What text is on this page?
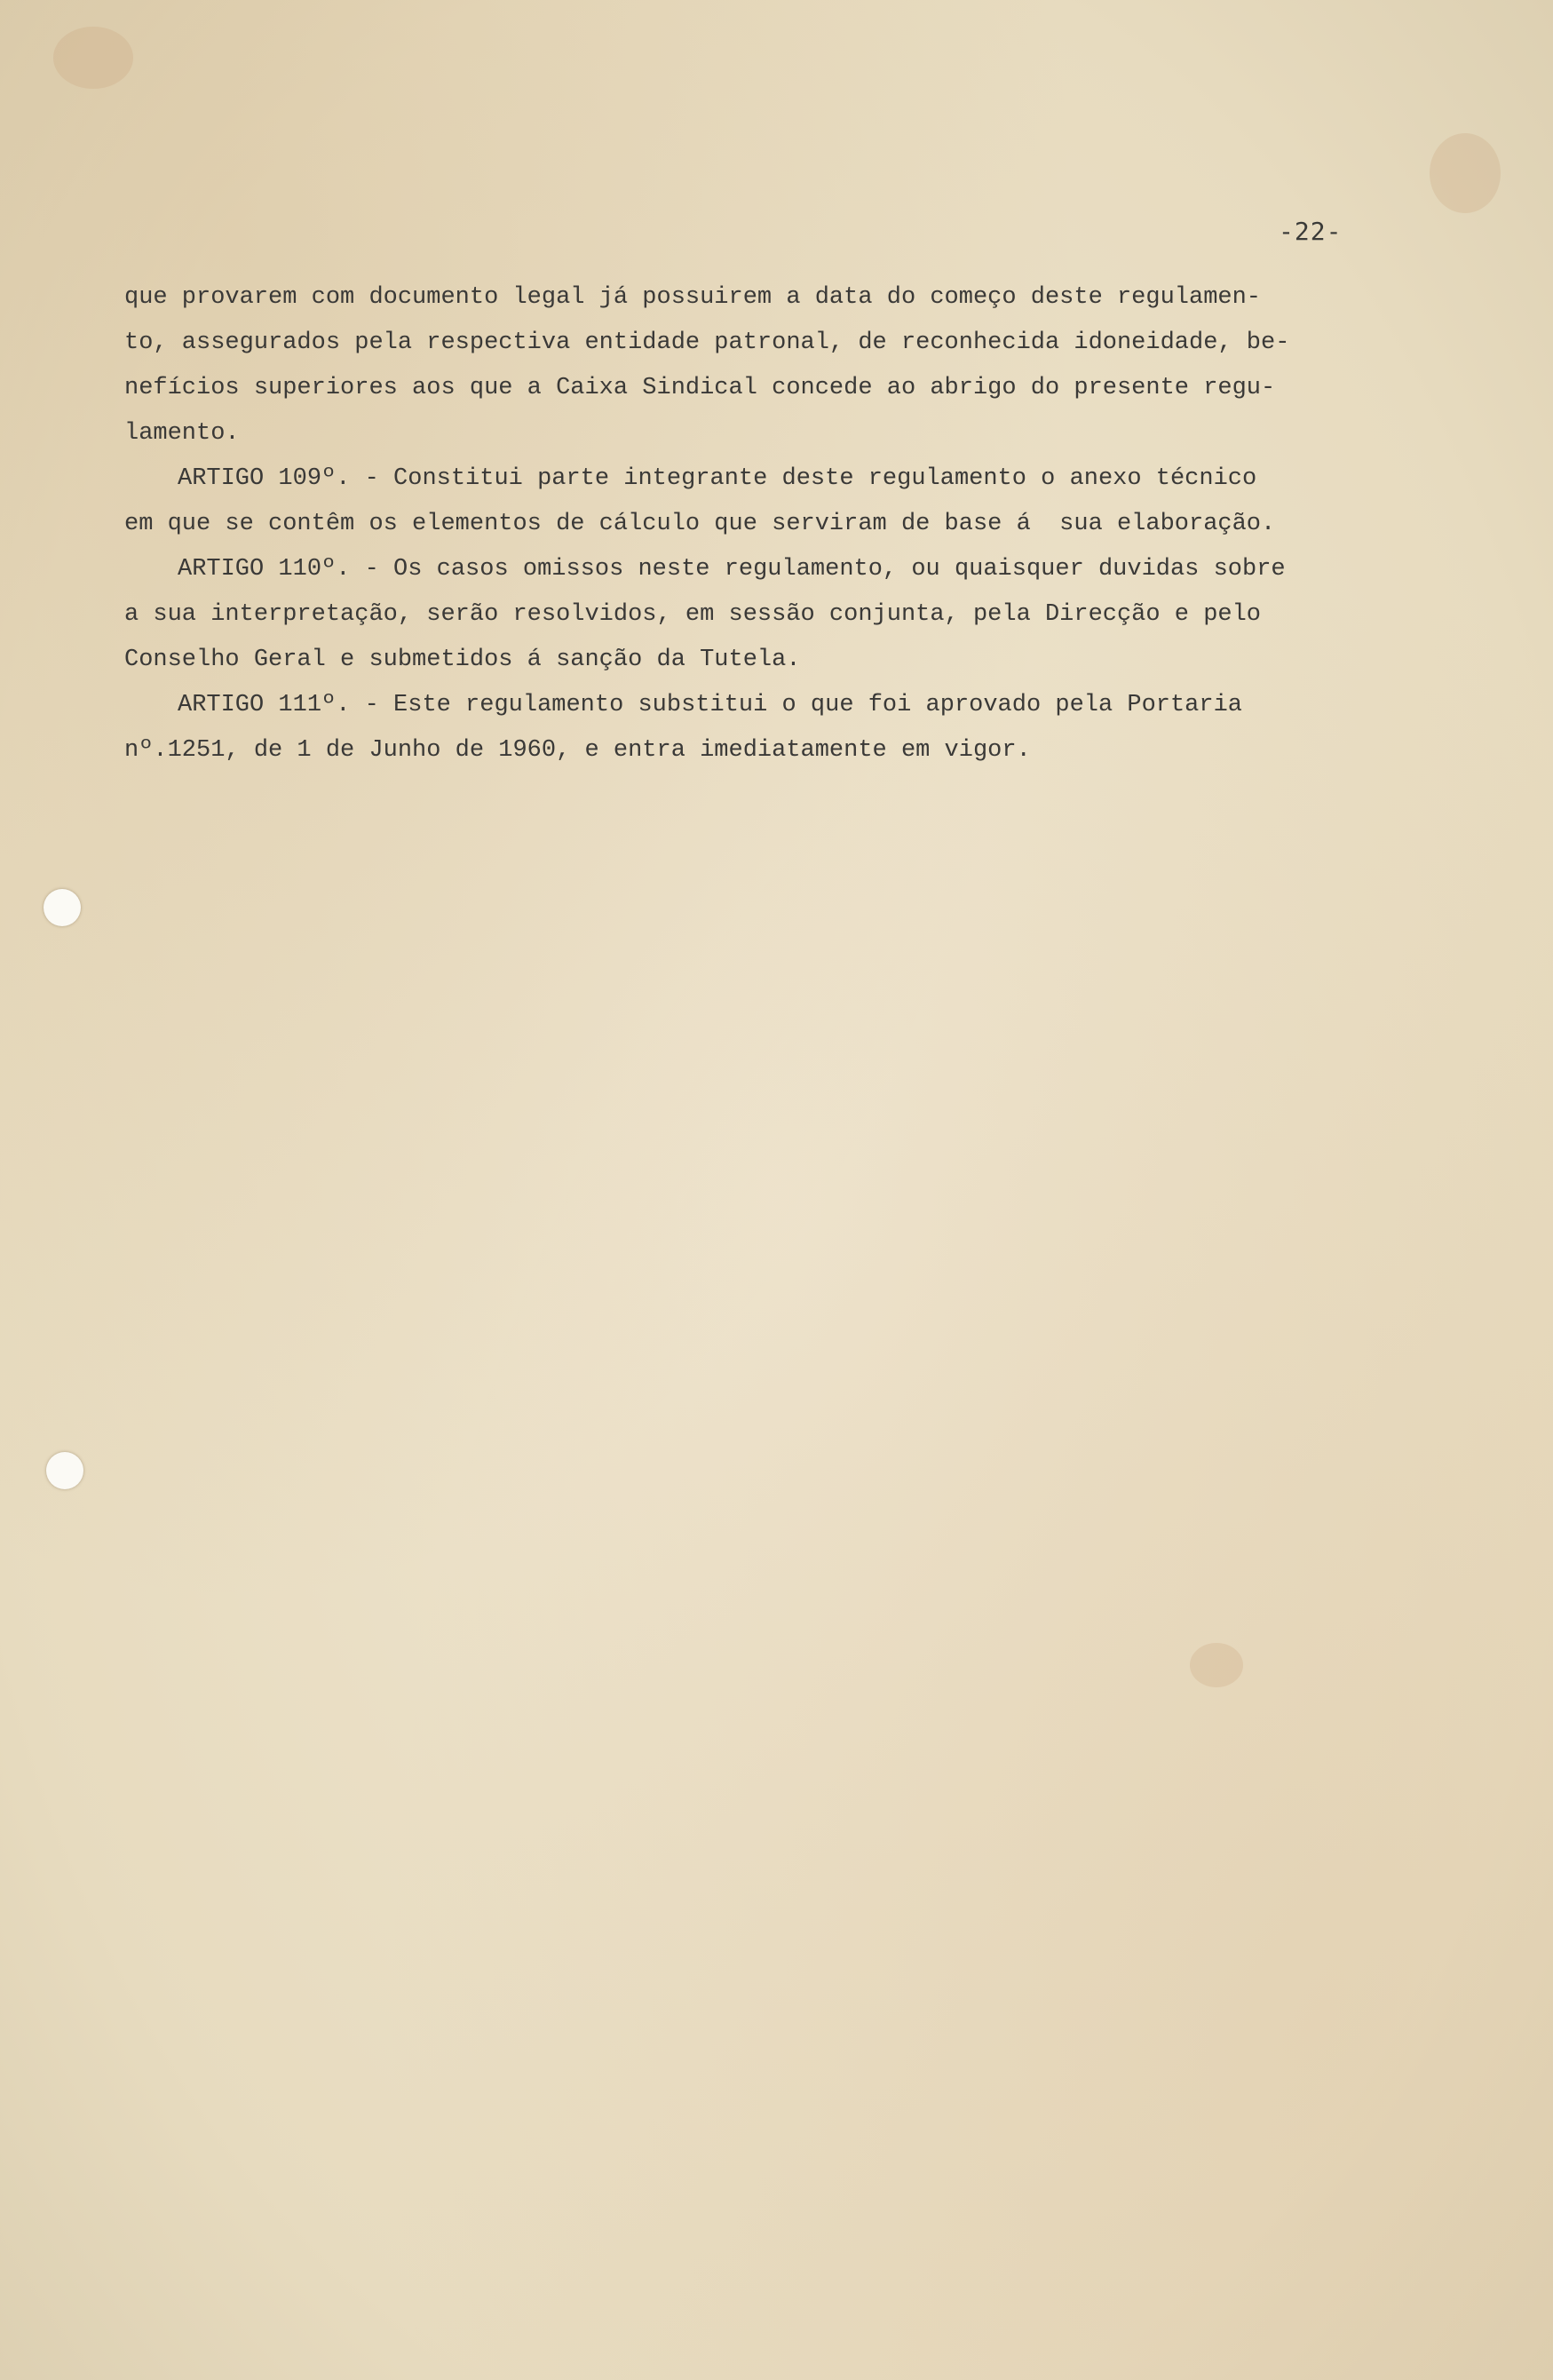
-22-
que provarem com documento legal já possuirem a data do começo deste regulamen-
to, assegurados pela respectiva entidade patronal, de reconhecida idoneidade, be-
nefícios superiores aos que a Caixa Sindical concede ao abrigo do presente regu-
lamento.
ARTIGO 109º. - Constitui parte integrante deste regulamento o anexo técnico
em que se contêm os elementos de cálculo que serviram de base á  sua elaboração.
ARTIGO 110º. - Os casos omissos neste regulamento, ou quaisquer duvidas sobre
a sua interpretação, serão resolvidos, em sessão conjunta, pela Direcção e pelo
Conselho Geral e submetidos á sanção da Tutela.
ARTIGO 111º. - Este regulamento substitui o que foi aprovado pela Portaria
nº.1251, de 1 de Junho de 1960, e entra imediatamente em vigor.
